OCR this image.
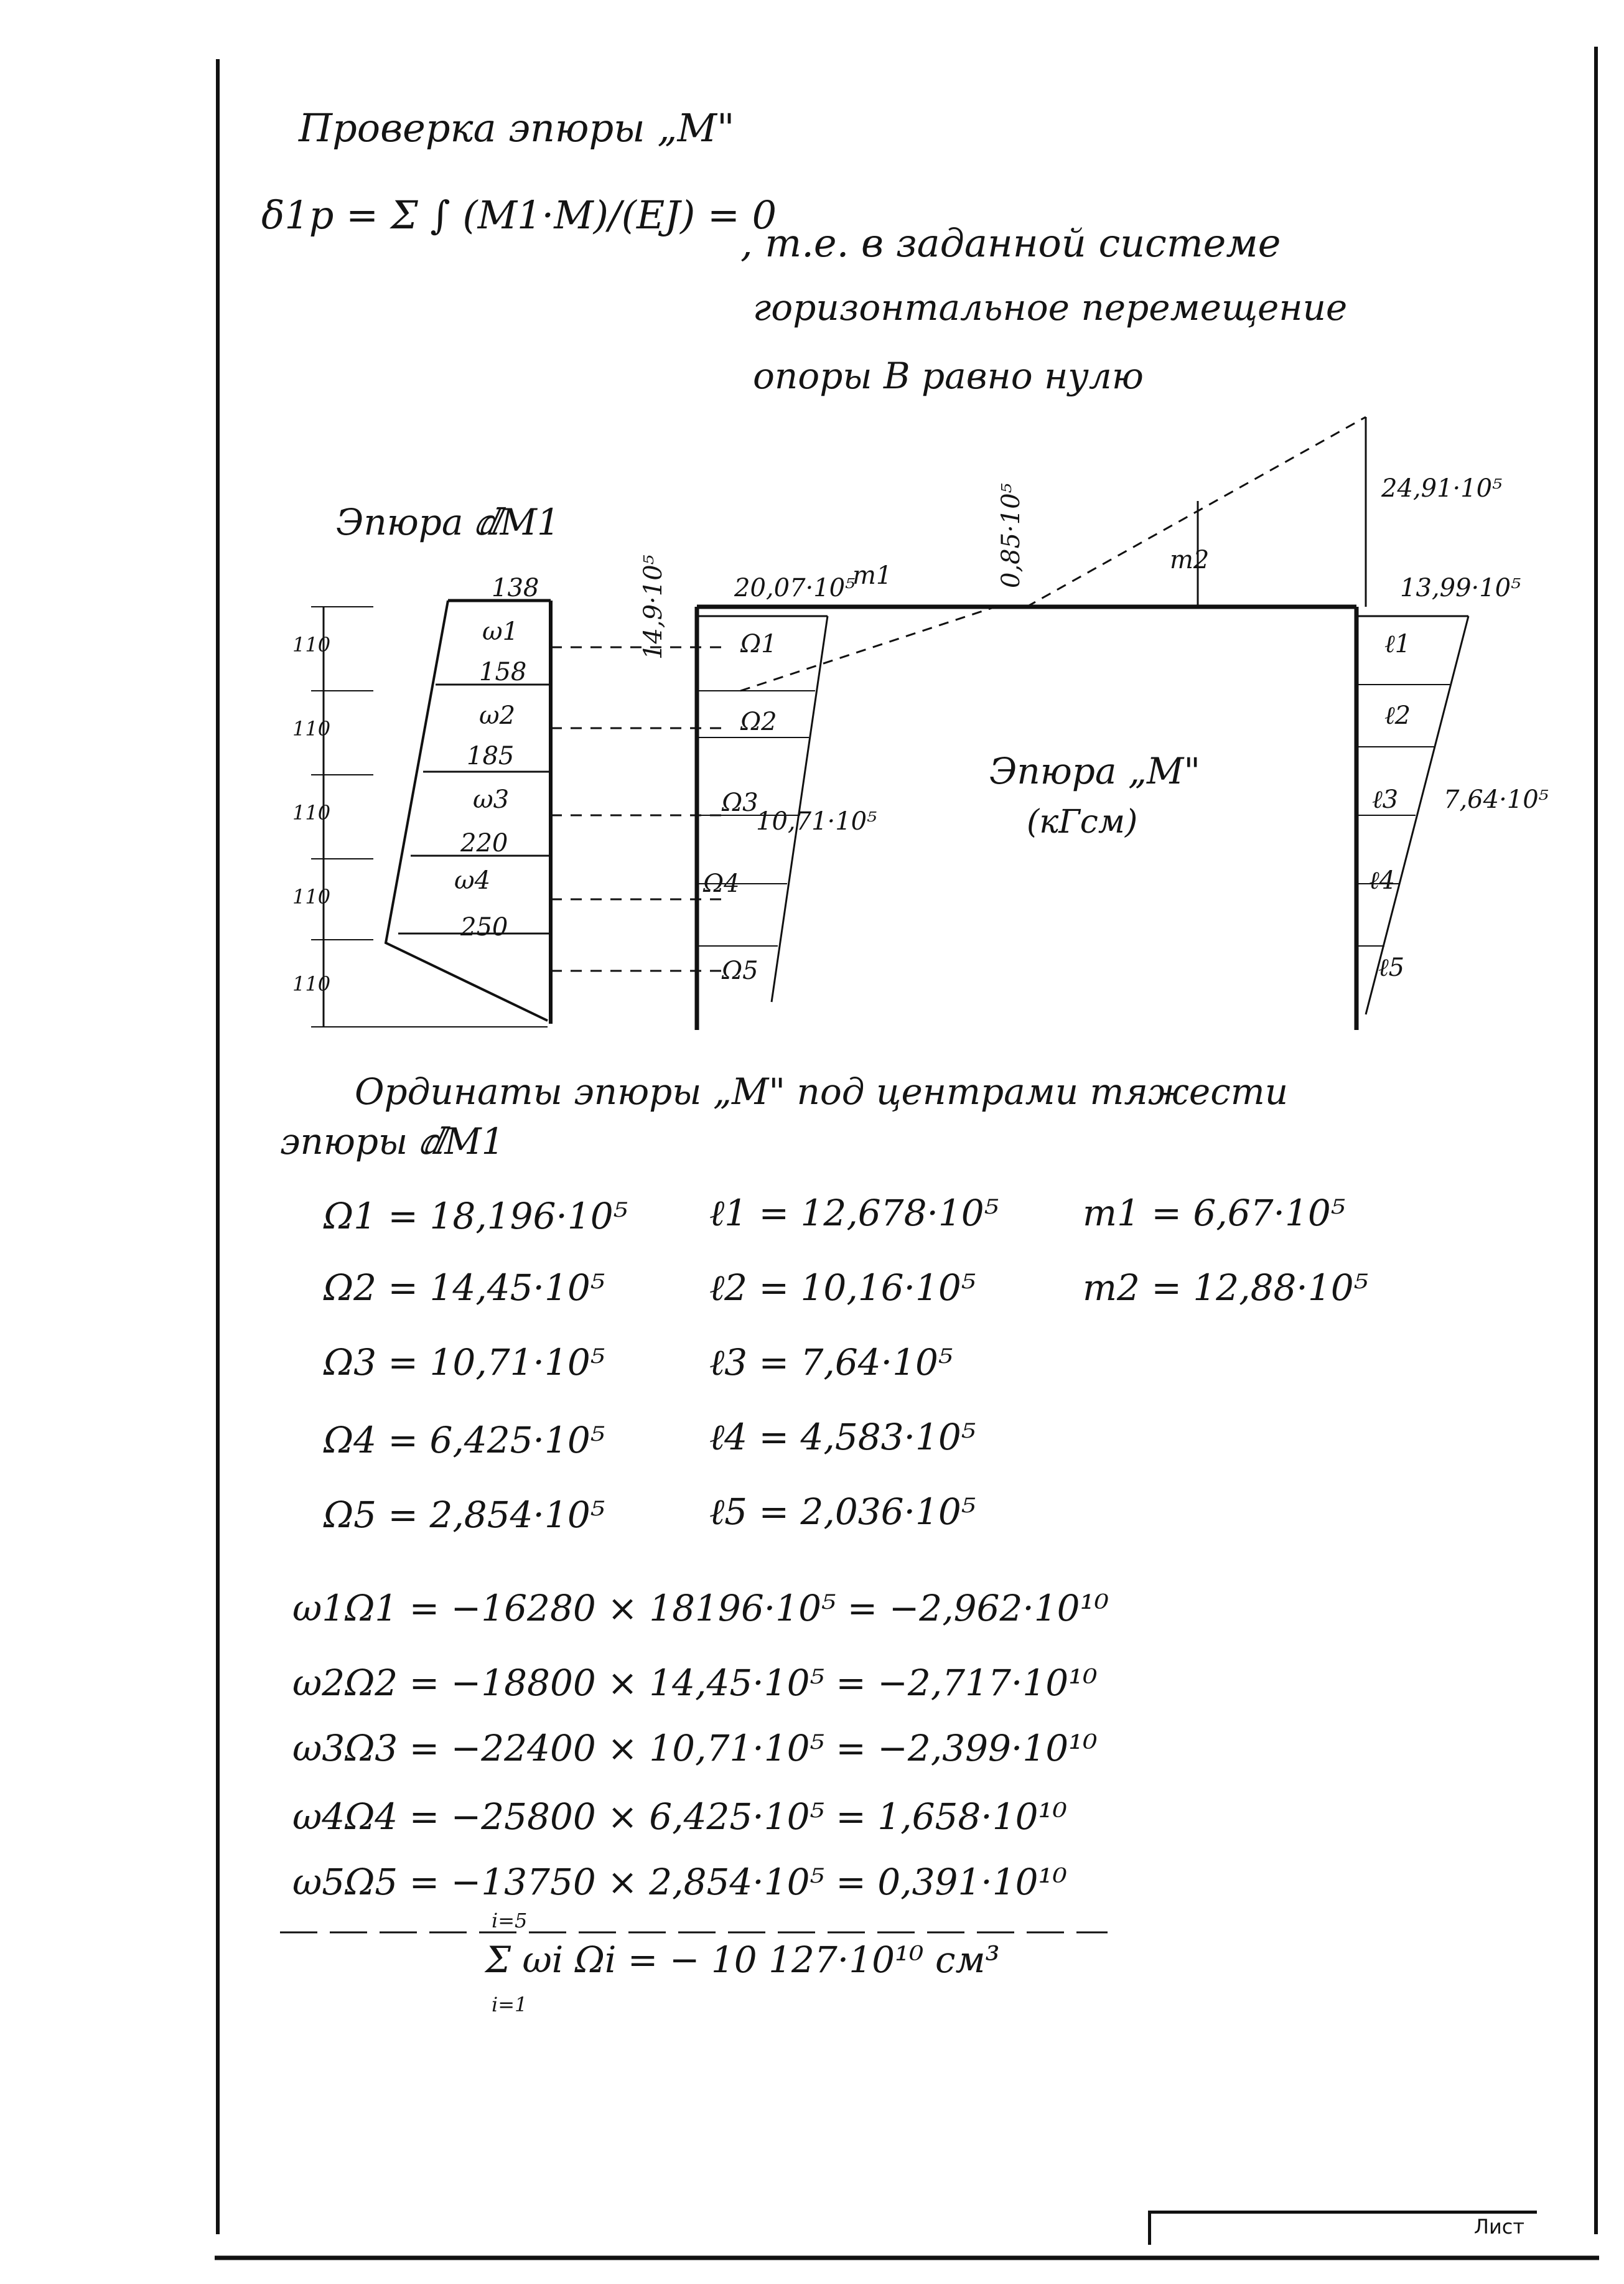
Проверка эпюры „М"
δ1p = Σ ∫ (M1·M)/(EJ) = 0
, т.е. в заданной системе
горизонтальное перемещение
опоры В равно нулю
Эпюра ⅆM1
138
158
185
220
250
ω1
ω2
ω3
ω4
110
110
110
110
110
Эпюра „М"
(кГсм)
20,07·10⁵
14,9·10⁵
10,71·10⁵
0,85·10⁵	24,91·10⁵
13,99·10⁵
7,64·10⁵
m1
m2
Ω1
Ω2
Ω3
Ω4
Ω5
ℓ1
ℓ2
ℓ3
ℓ4
ℓ5
Ординаты эпюры „М" под центрами тяжести
эпюры ⅆM1
Ω1 = 18,196·10⁵
Ω2 = 14,45·10⁵
Ω3 = 10,71·10⁵
Ω4 = 6,425·10⁵
Ω5 = 2,854·10⁵
ℓ1 = 12,678·10⁵
ℓ2 = 10,16·10⁵
ℓ3 = 7,64·10⁵
ℓ4 = 4,583·10⁵
ℓ5 = 2,036·10⁵
m1 = 6,67·10⁵
m2 = 12,88·10⁵
ω1Ω1 = −16280 × 18196·10⁵ = −2,962·10¹⁰
ω2Ω2 = −18800 × 14,45·10⁵ = −2,717·10¹⁰
ω3Ω3 = −22400 × 10,71·10⁵ = −2,399·10¹⁰
ω4Ω4 = −25800 × 6,425·10⁵ = 1,658·10¹⁰
ω5Ω5 = −13750 × 2,854·10⁵ = 0,391·10¹⁰
i=5
Σ ωi Ωi = − 10 127·10¹⁰ см³
i=1
Лист
